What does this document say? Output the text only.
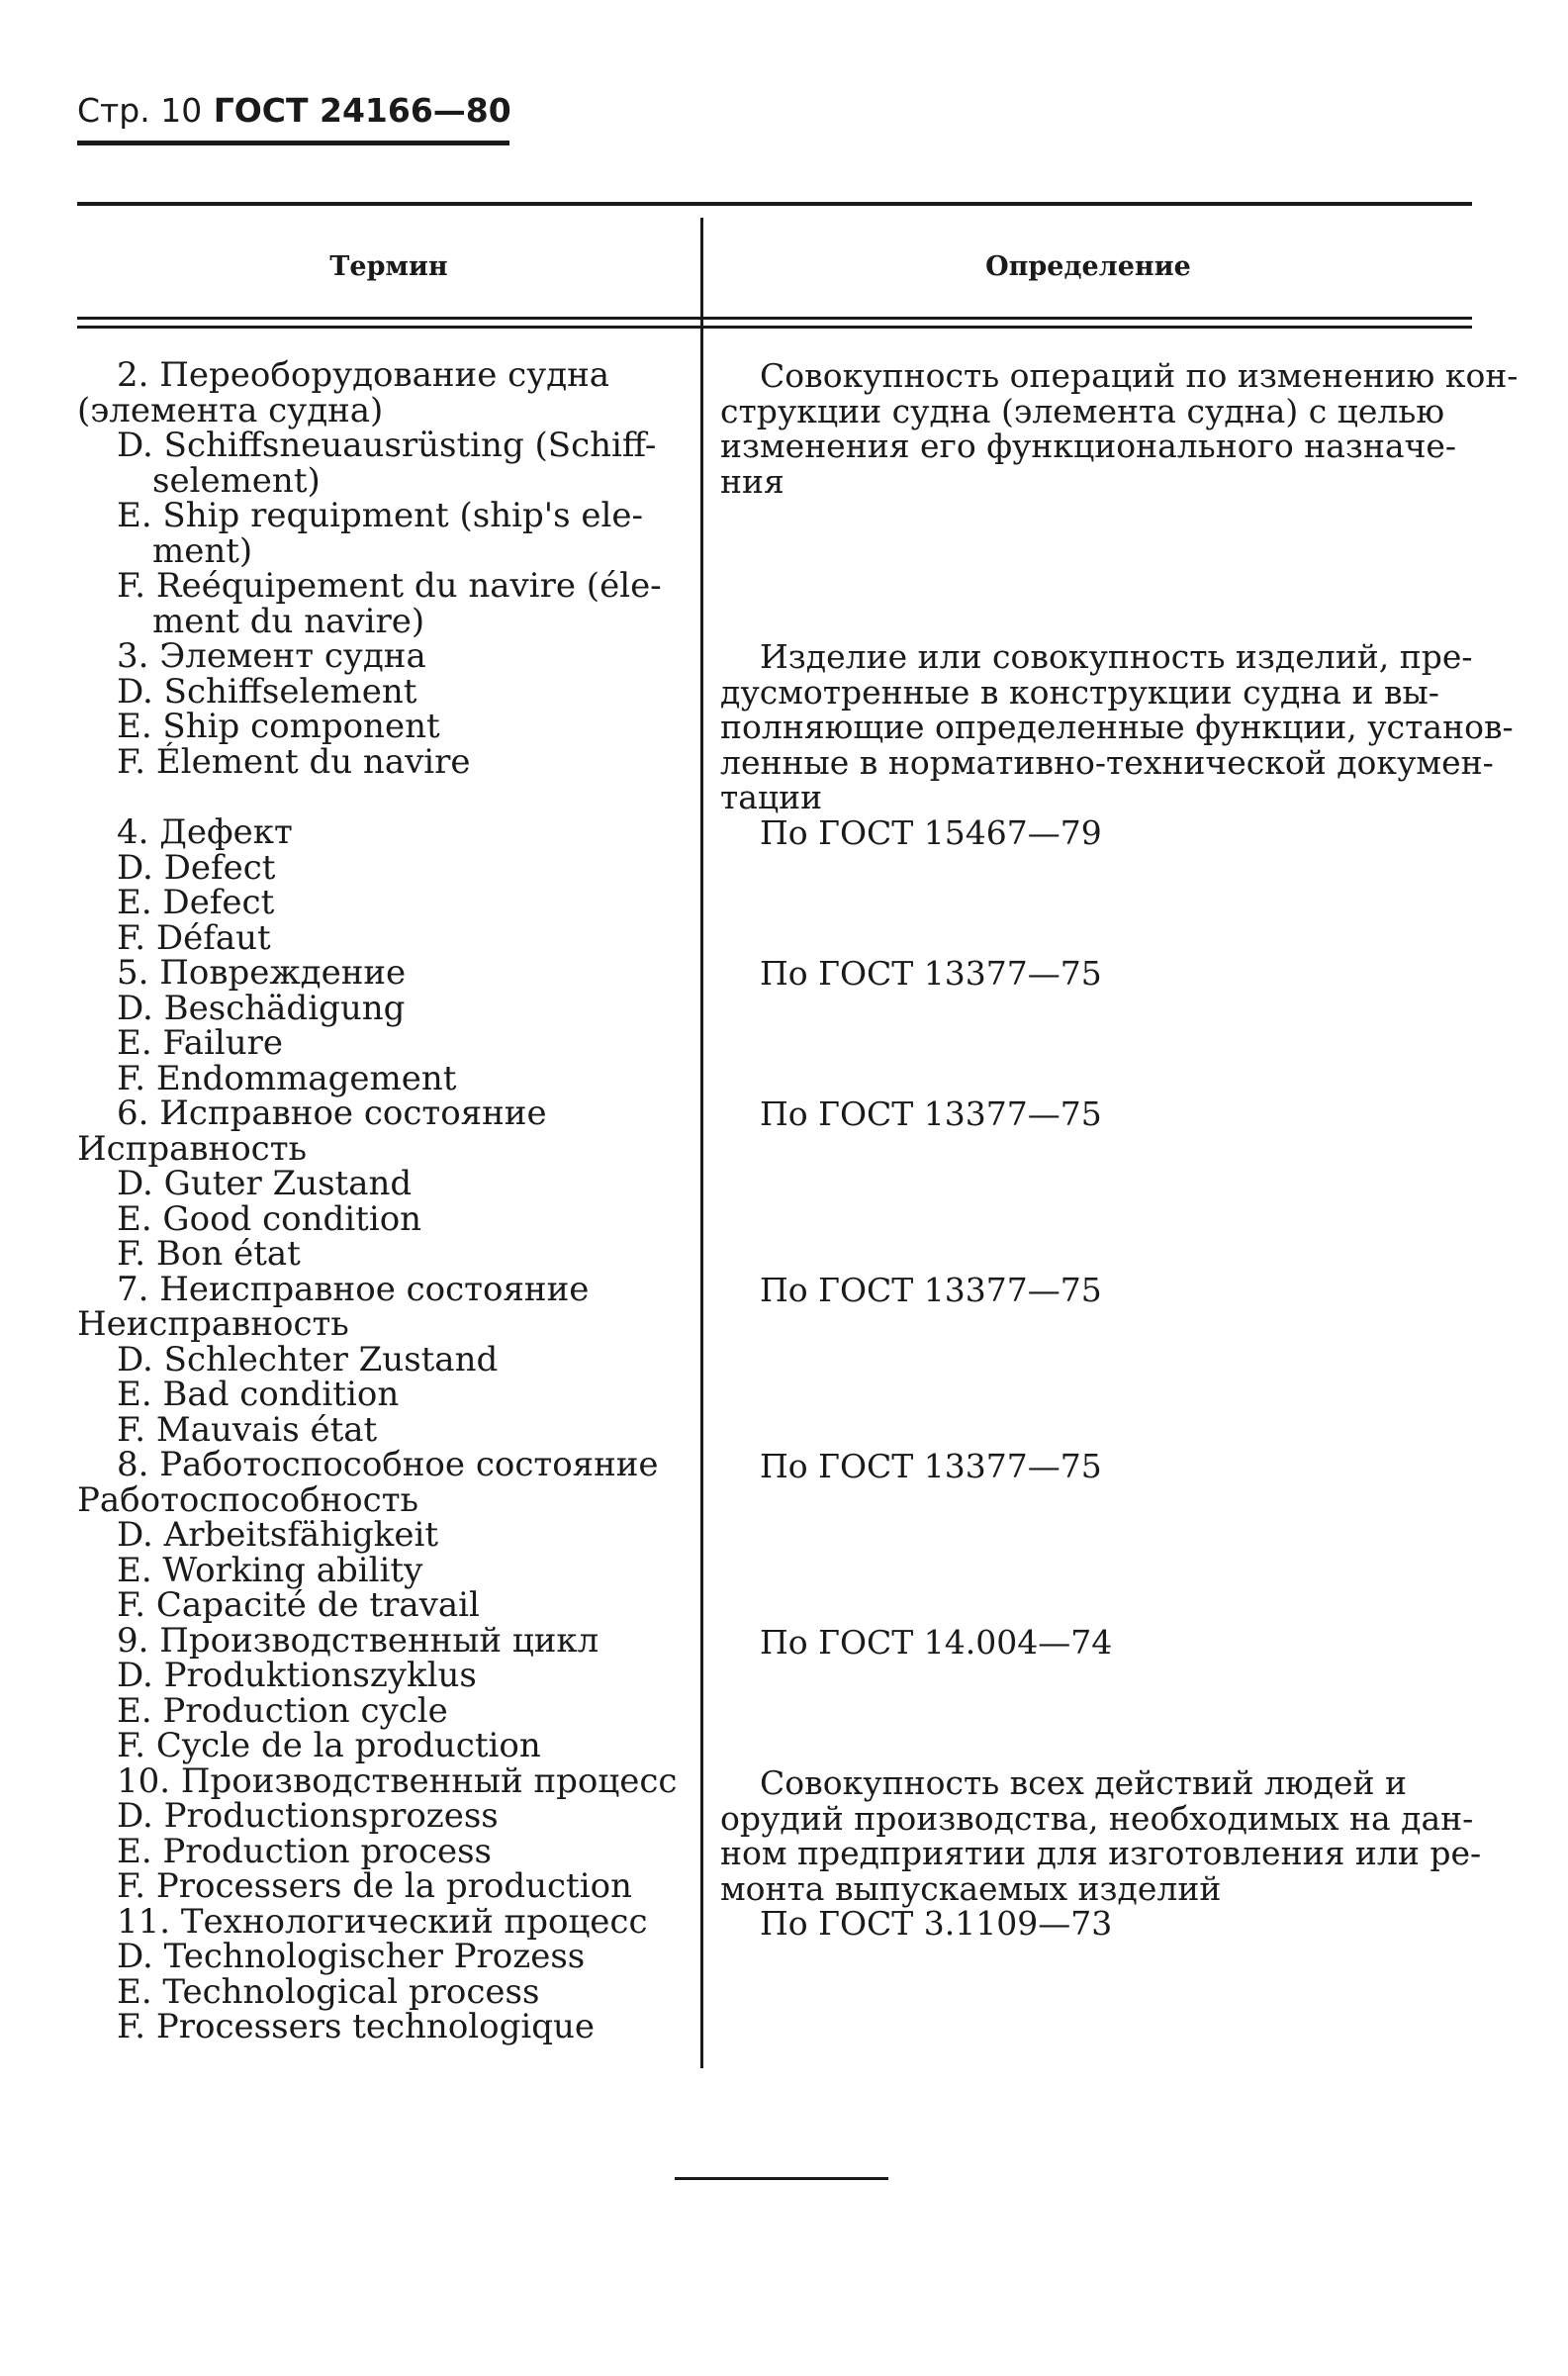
Стр. 10 ГОСТ 24166—80
Термин	Определение
2. Переоборудование судна
(элемента судна)
D. Schiffsneuausrüsting (Schiff-
selement)
E. Ship requipment (ship's ele-
ment)
F. Reéquipement du navire (éle-
ment du navire)
3. Элемент судна
D. Schiffselement
E. Ship component
F. Élement du navire
4. Дефект
D. Defect
E. Defect
F. Défaut
5. Повреждение
D. Beschädigung
E. Failure
F. Endommagement
6. Исправное состояние
Исправность
D. Guter Zustand
E. Good condition
F. Bon état
7. Неисправное состояние
Неисправность
D. Schlechter Zustand
E. Bad condition
F. Mauvais état
8. Работоспособное состояние
Работоспособность
D. Arbeitsfähigkeit
E. Working ability
F. Capacité de travail
9. Производственный цикл
D. Produktionszyklus
E. Production cycle
F. Cycle de la production
10. Производственный процесс
D. Productionsprozess
E. Production process
F. Processers de la production
11. Технологический процесс
D. Technologischer Prozess
E. Technological process
F. Processers technologique
Совокупность операций по изменению кон-
струкции судна (элемента судна) с целью
изменения его функционального назначе-
ния
Изделие или совокупность изделий, пре-
дусмотренные в конструкции судна и вы-
полняющие определенные функции, установ-
ленные в нормативно-технической докумен-
тации
По ГОСТ 15467—79
По ГОСТ 13377—75
По ГОСТ 13377—75
По ГОСТ 13377—75
По ГОСТ 13377—75
По ГОСТ 14.004—74
Совокупность всех действий людей и
орудий производства, необходимых на дан-
ном предприятии для изготовления или ре-
монта выпускаемых изделий
По ГОСТ 3.1109—73
